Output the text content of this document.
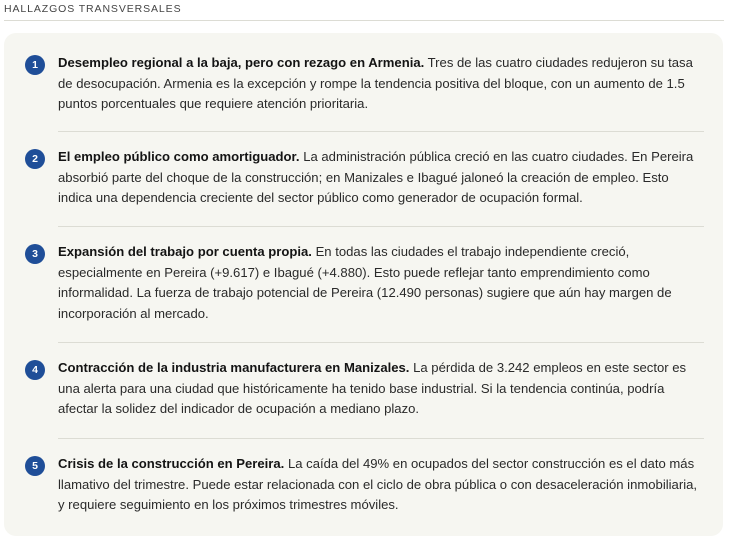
HALLAZGOS TRANSVERSALES
1	Desempleo regional a la baja, pero con rezago en Armenia. Tres de las cuatro ciudades redujeron su tasa de desocupación. Armenia es la excepción y rompe la tendencia positiva del bloque, con un aumento de 1.5 puntos porcentuales que requiere atención prioritaria.
2	El empleo público como amortiguador. La administración pública creció en las cuatro ciudades. En Pereira absorbió parte del choque de la construcción; en Manizales e Ibagué jaloneó la creación de empleo. Esto indica una dependencia creciente del sector público como generador de ocupación formal.
3	Expansión del trabajo por cuenta propia. En todas las ciudades el trabajo independiente creció, especialmente en Pereira (+9.617) e Ibagué (+4.880). Esto puede reflejar tanto emprendimiento como informalidad. La fuerza de trabajo potencial de Pereira (12.490 personas) sugiere que aún hay margen de incorporación al mercado.
4	Contracción de la industria manufacturera en Manizales. La pérdida de 3.242 empleos en este sector es una alerta para una ciudad que históricamente ha tenido base industrial. Si la tendencia continúa, podría afectar la solidez del indicador de ocupación a mediano plazo.
5	Crisis de la construcción en Pereira. La caída del 49% en ocupados del sector construcción es el dato más llamativo del trimestre. Puede estar relacionada con el ciclo de obra pública o con desaceleración inmobiliaria, y requiere seguimiento en los próximos trimestres móviles.
